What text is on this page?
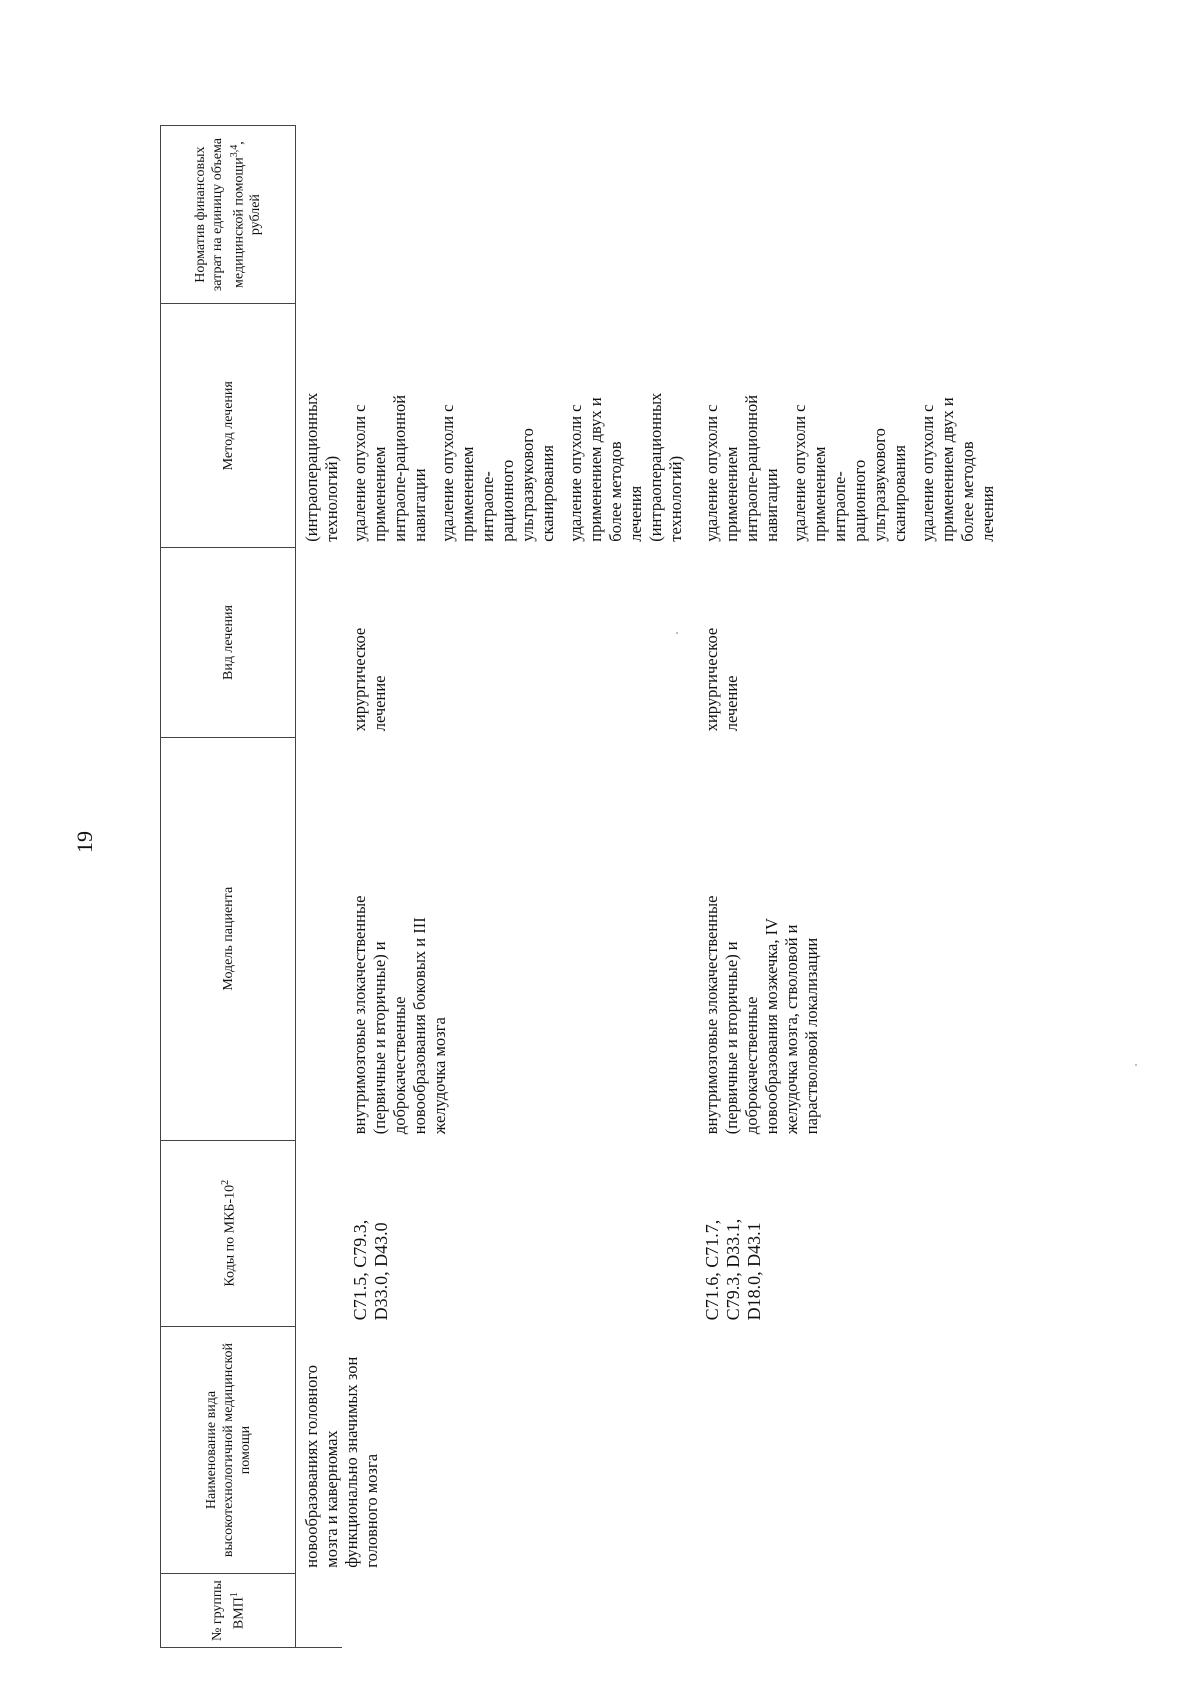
19
№ группы ВМП$^1$	Наименование вида высокотехнологичной медицинской помощи	Коды по МКБ-$10^2$	Модель пациента	Вид лечения	Метод лечения	Норматив финансовых затрат на единицу объема медицинской помощи$^{3,4}$, рублей

	новообразованиях головного мозга и каверномах функционально значимых зон головного мозга				(интраоперационных технологий)	

		C71.5, C79.3, D33.0, D43.0	внутримозговые злокачественные (первичные и вторичные) и доброкачественные новообразования боковых и III желудочка мозга	хирургическое лечение	удаление опухоли с применением интраопе-рационной навигации удаление опухоли с применением интраопе-рационного ультразвукового сканирования удаление опухоли с применением двух и более методов лечения (интраоперационных технологий)	

		C71.6, C71.7, C79.3, D33.1, D18.0, D43.1	внутримозговые злокачественные (первичные и вторичные) и доброкачественные новообразования мозжечка, IV желудочка мозга, стволовой и парастволовой локализации	хирургическое лечение	удаление опухоли с применением интраопе-рационной навигации удаление опухоли с применением интраопе-рационного ультразвукового сканирования удаление опухоли с применением двух и более методов лечения	
